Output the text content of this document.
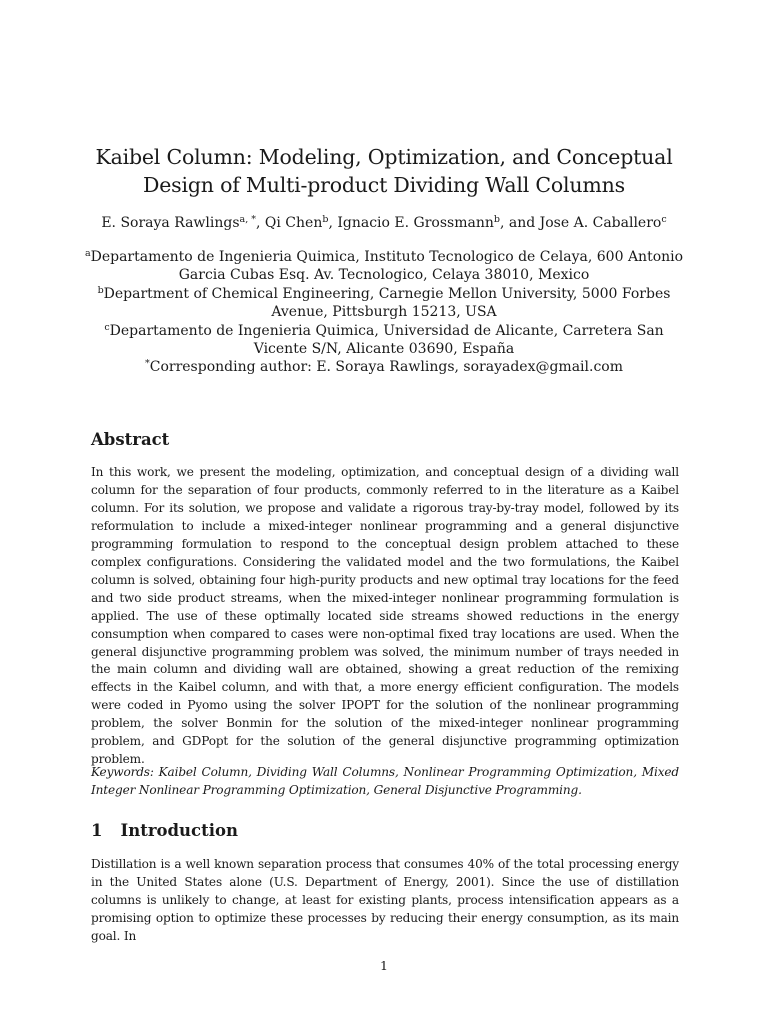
Kaibel Column: Modeling, Optimization, and Conceptual Design of Multi-product Dividing Wall Columns
E. Soraya Rawlings$^{a, *}$, Qi Chen$^b$, Ignacio E. Grossmann$^b$, and Jose A. Caballero$^c$

$^a$Departamento de Ingenieria Quimica, Instituto Tecnologico de Celaya, 600 Antonio Garcia Cubas Esq. Av. Tecnologico, Celaya 38010, Mexico

$^b$Department of Chemical Engineering, Carnegie Mellon University, 5000 Forbes Avenue, Pittsburgh 15213, USA

$^c$Departamento de Ingenieria Quimica, Universidad de Alicante, Carretera San Vicente S/N, Alicante 03690, España

*Corresponding author: E. Soraya Rawlings, sorayadex@gmail.com

Abstract

In this work, we present the modeling, optimization, and conceptual design of a dividing wall column for the separation of four products, commonly referred to in the literature as a Kaibel column. For its solution, we propose and validate a rigorous tray-by-tray model, followed by its reformulation to include a mixed-integer nonlinear programming and a general disjunctive programming formulation to respond to the conceptual design problem attached to these complex configurations. Considering the validated model and the two formulations, the Kaibel column is solved, obtaining four high-purity products and new optimal tray locations for the feed and two side product streams, when the mixed-integer nonlinear programming formulation is applied. The use of these optimally located side streams showed reductions in the energy consumption when compared to cases were non-optimal fixed tray locations are used. When the general disjunctive programming problem was solved, the minimum number of trays needed in the main column and dividing wall are obtained, showing a great reduction of the remixing effects in the Kaibel column, and with that, a more energy efficient configuration. The models were coded in Pyomo using the solver IPOPT for the solution of the nonlinear programming problem, the solver Bonmin for the solution of the mixed-integer nonlinear programming problem, and GDPopt for the solution of the general disjunctive programming optimization problem.

Keywords: Kaibel Column, Dividing Wall Columns, Nonlinear Programming Optimization, Mixed Integer Nonlinear Programming Optimization, General Disjunctive Programming.

1 Introduction

Distillation is a well known separation process that consumes 40% of the total processing energy in the United States alone (U.S. Department of Energy, 2001). Since the use of distillation columns is unlikely to change, at least for existing plants, process intensification appears as a promising option to optimize these processes by reducing their energy consumption, as its main goal. In

1
